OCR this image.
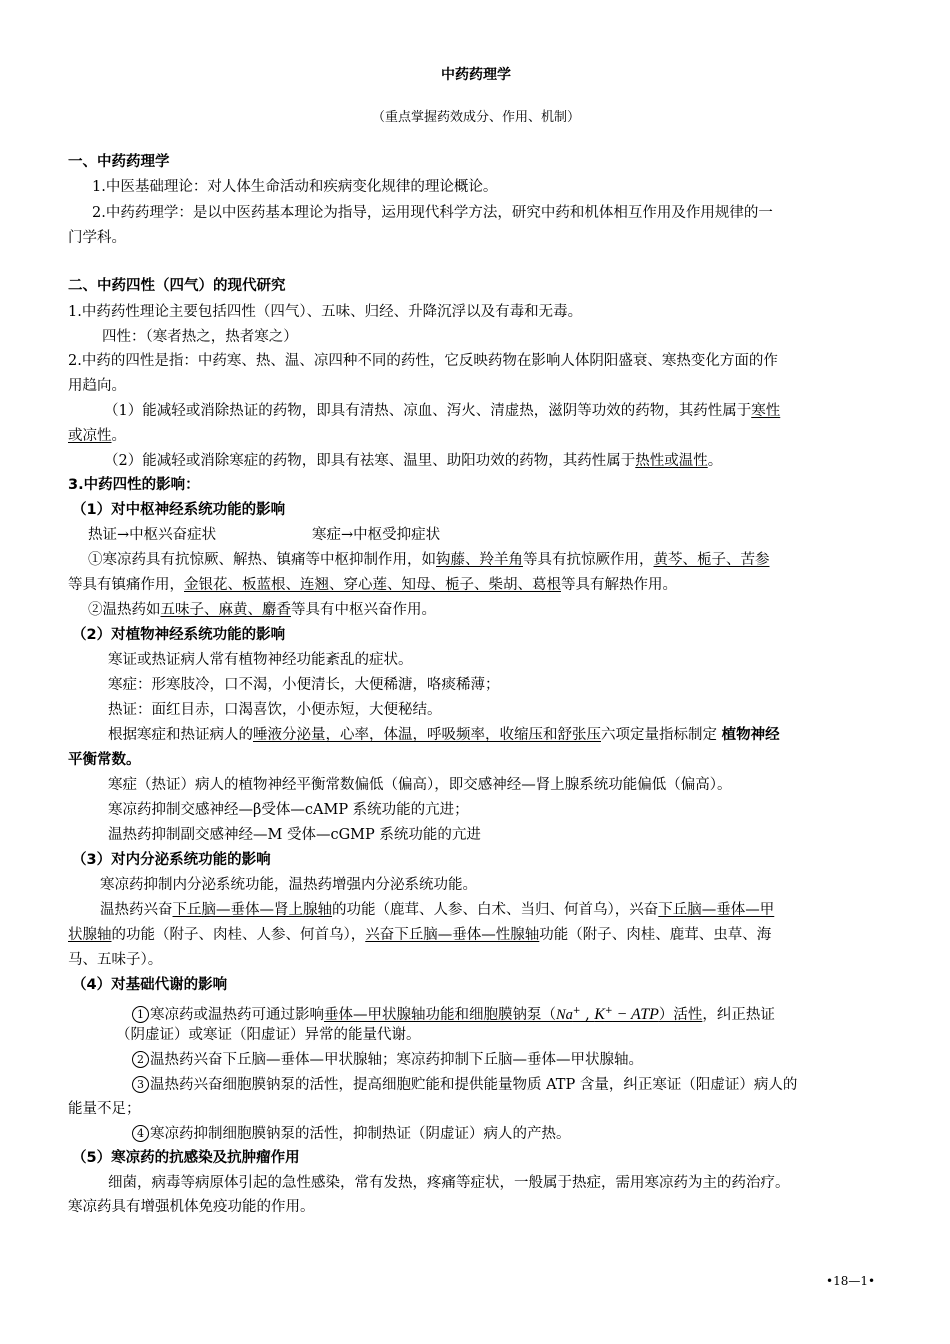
中药药理学
（重点掌握药效成分、作用、机制）
一、中药药理学
1.中医基础理论：对人体生命活动和疾病变化规律的理论概论。
2.中药药理学：是以中医药基本理论为指导，运用现代科学方法，研究中药和机体相互作用及作用规律的一
门学科。
二、中药四性（四气）的现代研究
1.中药药性理论主要包括四性（四气）、五味、归经、升降沉浮以及有毒和无毒。
四性：（寒者热之，热者寒之）
2.中药的四性是指：中药寒、热、温、凉四种不同的药性，它反映药物在影响人体阴阳盛衰、寒热变化方面的作
用趋向。
（1）能减轻或消除热证的药物，即具有清热、凉血、泻火、清虚热，滋阴等功效的药物，其药性属于寒性
或凉性。
（2）能减轻或消除寒症的药物，即具有祛寒、温里、助阳功效的药物，其药性属于热性或温性。
3.中药四性的影响：
（1）对中枢神经系统功能的影响
热证→中枢兴奋症状	寒症→中枢受抑症状
①寒凉药具有抗惊厥、解热、镇痛等中枢抑制作用，如钩藤、羚羊角等具有抗惊厥作用，黄芩、栀子、苦参
等具有镇痛作用，金银花、板蓝根、连翘、穿心莲、知母、栀子、柴胡、葛根等具有解热作用。
②温热药如五味子、麻黄、麝香等具有中枢兴奋作用。
（2）对植物神经系统功能的影响
寒证或热证病人常有植物神经功能紊乱的症状。
寒症：形寒肢冷，口不渴，小便清长，大便稀溏，咯痰稀薄；
热证：面红目赤，口渴喜饮，小便赤短，大便秘结。
根据寒症和热证病人的唾液分泌量，心率，体温，呼吸频率，收缩压和舒张压六项定量指标制定 植物神经
平衡常数。
寒症（热证）病人的植物神经平衡常数偏低（偏高），即交感神经—肾上腺系统功能偏低（偏高）。
寒凉药抑制交感神经—β受体—cAMP 系统功能的亢进；
温热药抑制副交感神经—M 受体—cGMP 系统功能的亢进
（3）对内分泌系统功能的影响
寒凉药抑制内分泌系统功能，温热药增强内分泌系统功能。
温热药兴奋下丘脑—垂体—肾上腺轴的功能（鹿茸、人参、白术、当归、何首乌），兴奋下丘脑—垂体—甲
状腺轴的功能（附子、肉桂、人参、何首乌），兴奋下丘脑—垂体—性腺轴功能（附子、肉桂、鹿茸、虫草、海
马、五味子）。
（4）对基础代谢的影响
1 寒凉药或温热药可通过影响垂体—甲状腺轴功能和细胞膜钠泵（Na+ , K+ − ATP）活性，纠正热证
（阴虚证）或寒证（阳虚证）异常的能量代谢。
2 温热药兴奋下丘脑—垂体—甲状腺轴；寒凉药抑制下丘脑—垂体—甲状腺轴。
3 温热药兴奋细胞膜钠泵的活性，提高细胞贮能和提供能量物质 ATP 含量，纠正寒证（阳虚证）病人的
能量不足；
4 寒凉药抑制细胞膜钠泵的活性，抑制热证（阴虚证）病人的产热。
（5）寒凉药的抗感染及抗肿瘤作用
细菌，病毒等病原体引起的急性感染，常有发热，疼痛等症状，一般属于热症，需用寒凉药为主的药治疗。
寒凉药具有增强机体免疫功能的作用。
•18—1•
